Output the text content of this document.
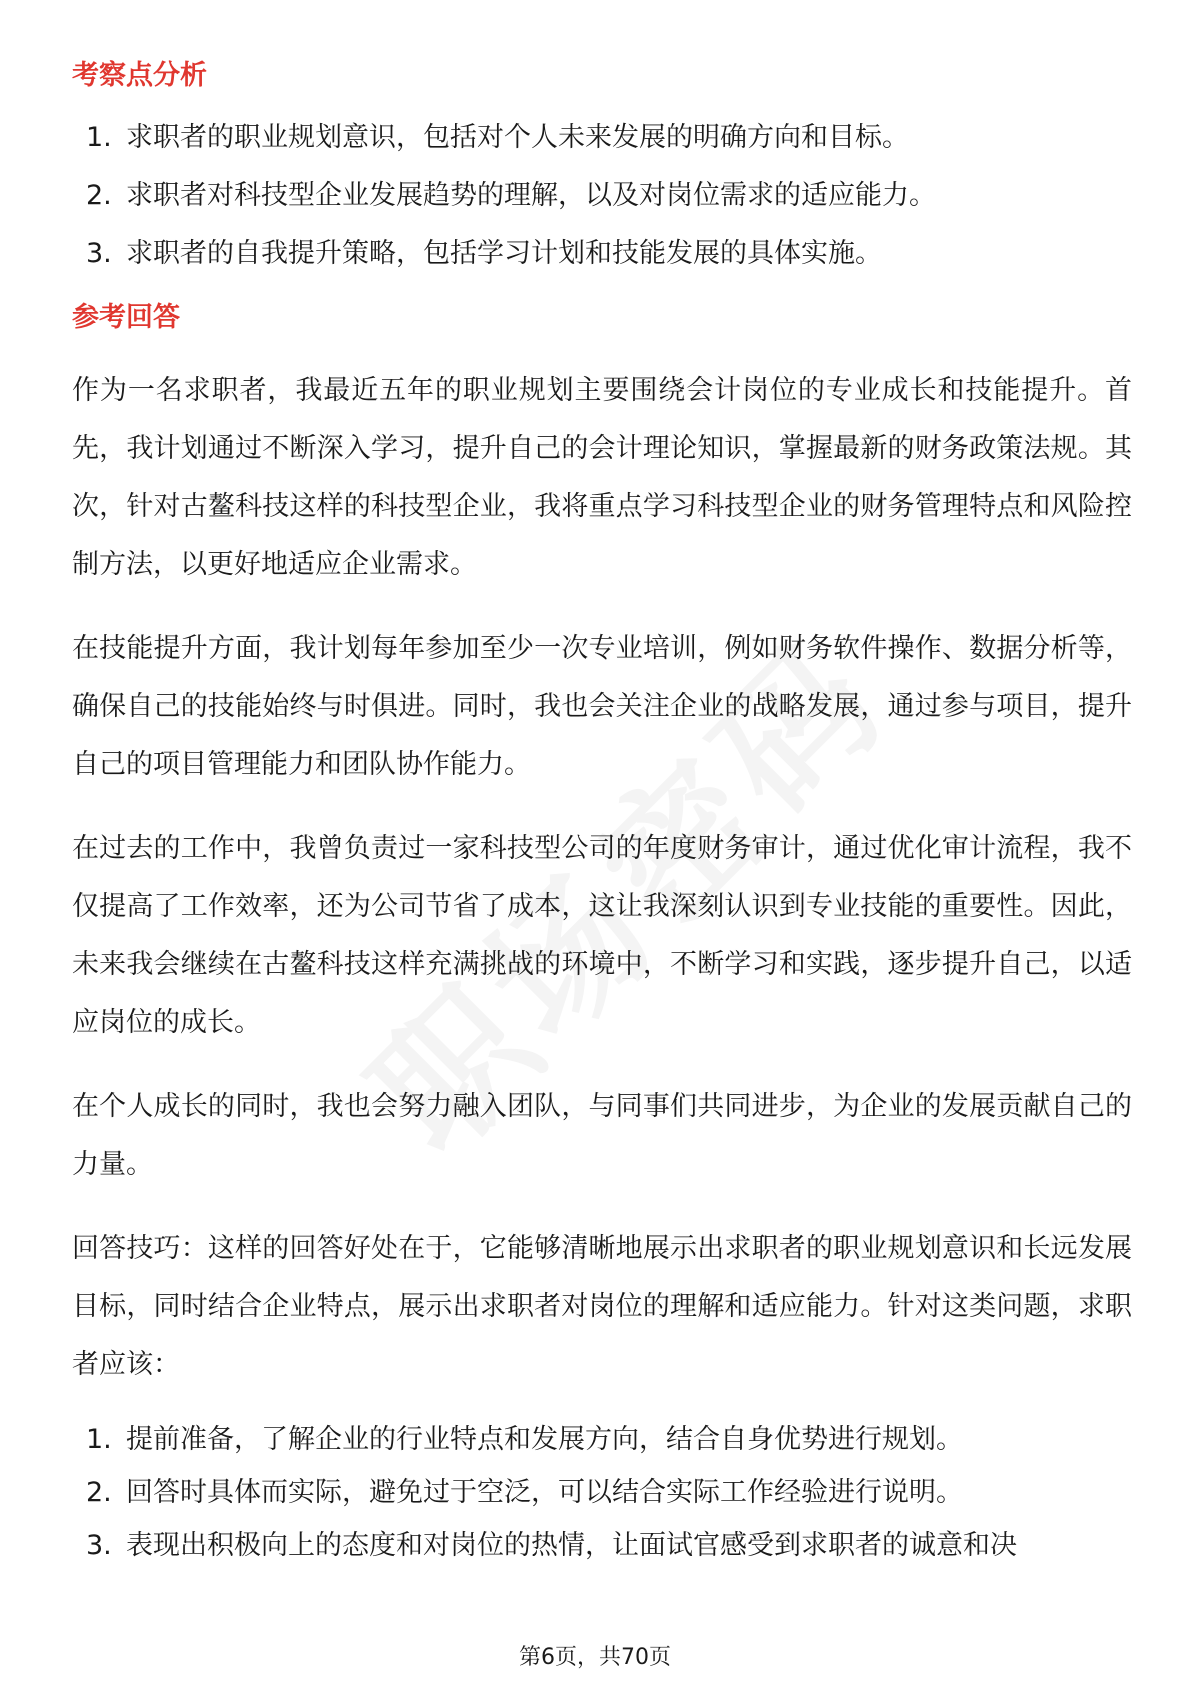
考察点分析
1. 求职者的职业规划意识，包括对个人未来发展的明确方向和目标。
2. 求职者对科技型企业发展趋势的理解，以及对岗位需求的适应能力。
3. 求职者的自我提升策略，包括学习计划和技能发展的具体实施。
参考回答

作为一名求职者，我最近五年的职业规划主要围绕会计岗位的专业成长和技能提升。首先，我计划通过不断深入学习，提升自己的会计理论知识，掌握最新的财务政策法规。其次，针对古鳌科技这样的科技型企业，我将重点学习科技型企业的财务管理特点和风险控制方法，以更好地适应企业需求。

在技能提升方面，我计划每年参加至少一次专业培训，例如财务软件操作、数据分析等，确保自己的技能始终与时俱进。同时，我也会关注企业的战略发展，通过参与项目，提升自己的项目管理能力和团队协作能力。

在过去的工作中，我曾负责过一家科技型公司的年度财务审计，通过优化审计流程，我不仅提高了工作效率，还为公司节省了成本，这让我深刻认识到专业技能的重要性。因此，未来我会继续在古鳌科技这样充满挑战的环境中，不断学习和实践，逐步提升自己，以适应岗位的成长。

在个人成长的同时，我也会努力融入团队，与同事们共同进步，为企业的发展贡献自己的力量。

回答技巧：这样的回答好处在于，它能够清晰地展示出求职者的职业规划意识和长远发展目标，同时结合企业特点，展示出求职者对岗位的理解和适应能力。针对这类问题，求职者应该：

1. 提前准备，了解企业的行业特点和发展方向，结合自身优势进行规划。
2. 回答时具体而实际，避免过于空泛，可以结合实际工作经验进行说明。
3. 表现出积极向上的态度和对岗位的热情，让面试官感受到求职者的诚意和决
第6页，共70页
